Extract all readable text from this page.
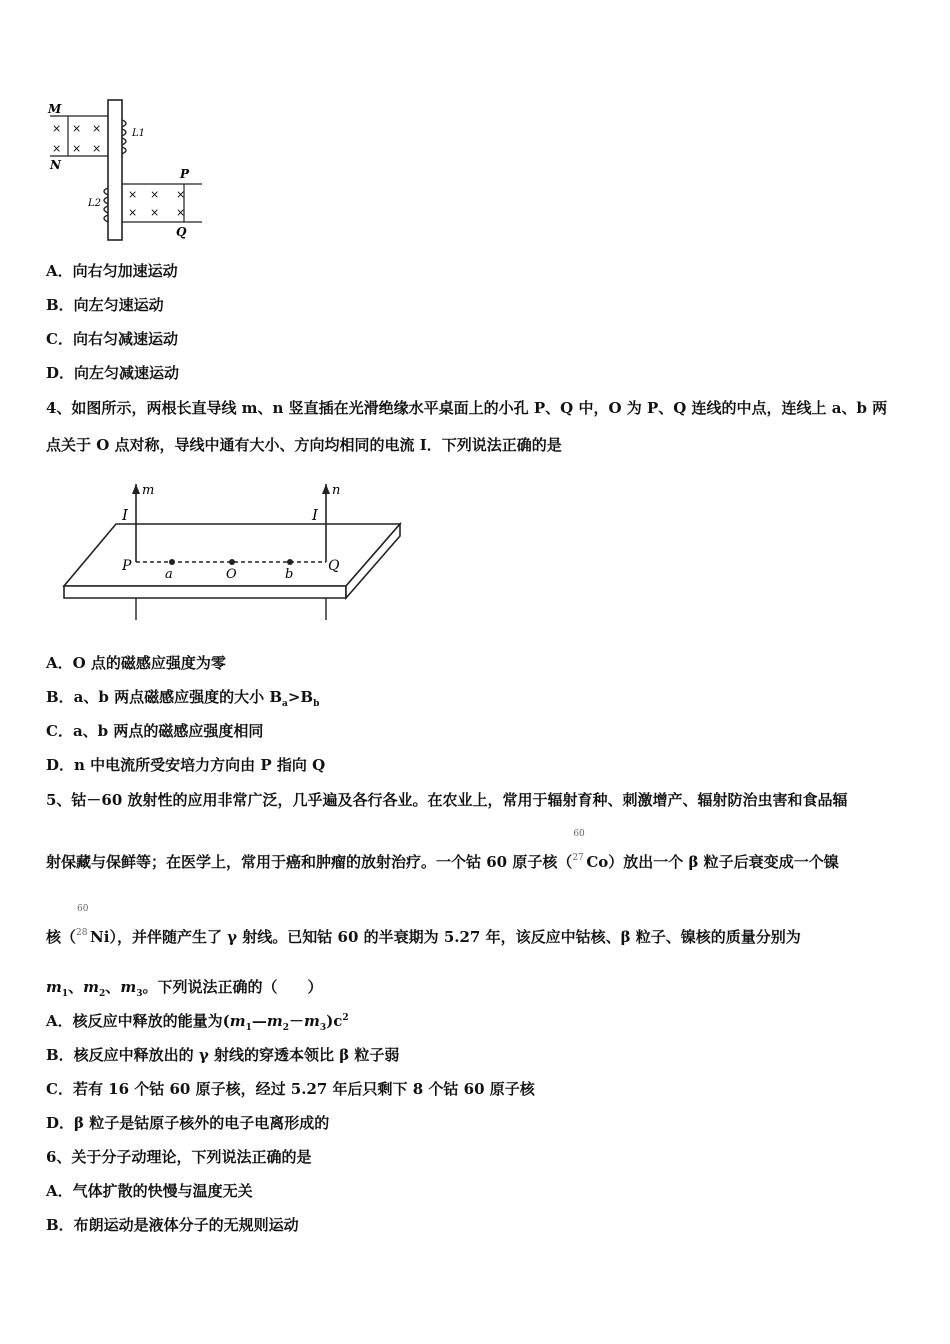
× × ×
× × ×
M
N
L1
× × ×
× × ×
L2
P
Q
A．向右匀加速运动
B．向左匀速运动
C．向右匀减速运动
D．向左匀减速运动
4、如图所示，两根长直导线 m、n 竖直插在光滑绝缘水平桌面上的小孔 P、Q 中，O 为 P、Q 连线的中点，连线上 a、b 两
点关于 O 点对称，导线中通有大小、方向均相同的电流 I．下列说法正确的是
m	n
I	I
P	Q
a	O	b
A．O 点的磁感应强度为零
B．a、b 两点磁感应强度的大小 $B_a>B_b$
C．a、b 两点的磁感应强度相同
D．n 中电流所受安培力方向由 P 指向 Q
5、钴－60 放射性的应用非常广泛，几乎遍及各行各业。在农业上，常用于辐射育种、刺激增产、辐射防治虫害和食品辐
射保藏与保鲜等；在医学上，常用于癌和肿瘤的放射治疗。一个钴 60 原子核（
60
27 Co）放出一个 β 粒子后衰变成一个镍
核（
60
28 Ni），并伴随产生了 γ 射线。已知钴 60 的半衰期为 5.27 年，该反应中钴核、β 粒子、镍核的质量分别为
$m_1$、$m_2$、$m_3$。下列说法正确的（　　）
A．核反应中释放的能量为$(m_1—m_2-m_3)c^2$
B．核反应中释放出的 γ 射线的穿透本领比 β 粒子弱
C．若有 16 个钴 60 原子核，经过 5.27 年后只剩下 8 个钴 60 原子核
D．β 粒子是钴原子核外的电子电离形成的
6、关于分子动理论，下列说法正确的是
A．气体扩散的快慢与温度无关
B．布朗运动是液体分子的无规则运动
